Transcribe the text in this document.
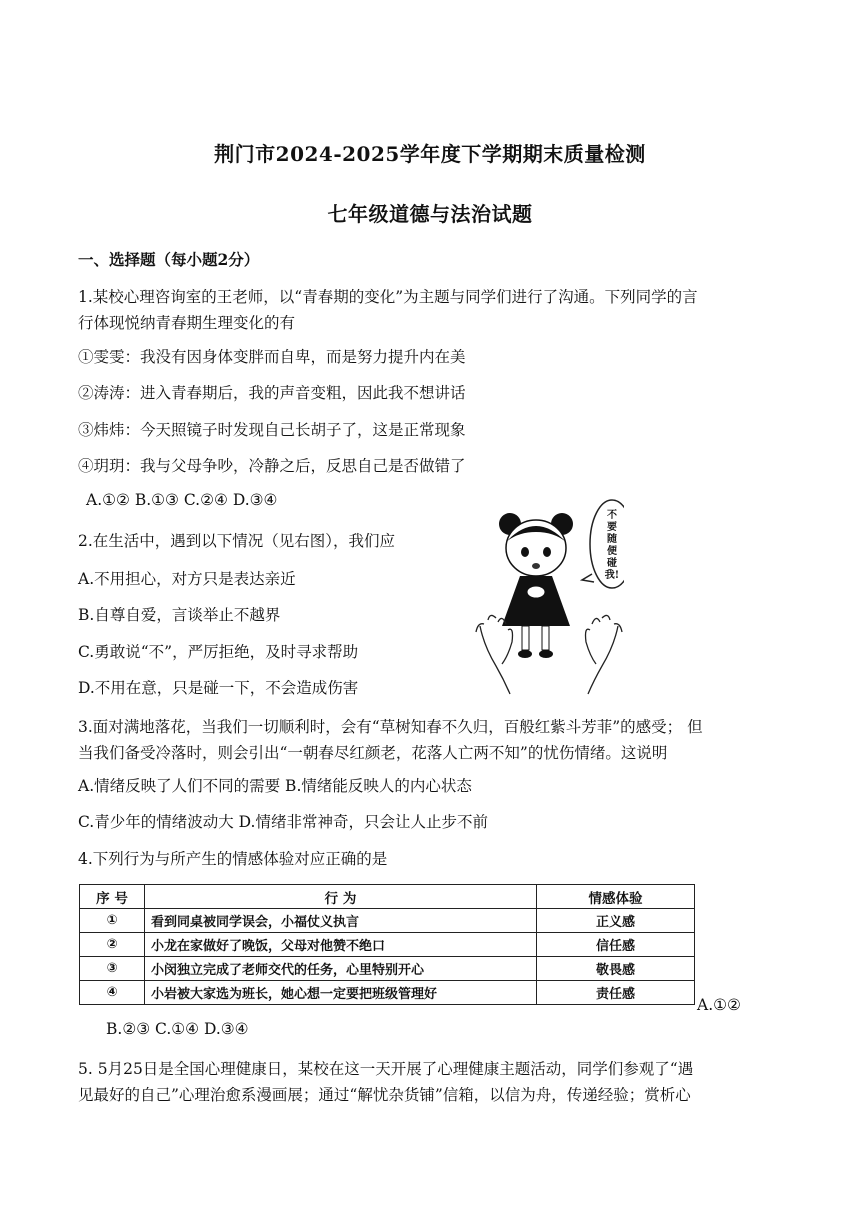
荆门市2024-2025学年度下学期期末质量检测
七年级道德与法治试题
一、选择题（每小题2分）
1.某校心理咨询室的王老师，以“青春期的变化”为主题与同学们进行了沟通。下列同学的言
行体现悦纳青春期生理变化的有
①雯雯：我没有因身体变胖而自卑，而是努力提升内在美
②涛涛：进入青春期后，我的声音变粗，因此我不想讲话
③炜炜：今天照镜子时发现自己长胡子了，这是正常现象
④玥玥：我与父母争吵，冷静之后，反思自己是否做错了
A.①② B.①③ C.②④ D.③④
2.在生活中，遇到以下情况（见右图），我们应
A.不用担心，对方只是表达亲近
B.自尊自爱，言谈举止不越界
C.勇敢说“不”，严厉拒绝，及时寻求帮助
D.不用在意，只是碰一下，不会造成伤害
不要随便碰我!
3.面对满地落花，当我们一切顺利时，会有“草树知春不久归，百般红紫斗芳菲”的感受； 但
当我们备受冷落时，则会引出“一朝春尽红颜老，花落人亡两不知”的忧伤情绪。这说明
A.情绪反映了人们不同的需要 B.情绪能反映人的内心状态
C.青少年的情绪波动大 D.情绪非常神奇，只会让人止步不前
4.下列行为与所产生的情感体验对应正确的是
序 号	行 为	情感体验
①	看到同桌被同学误会，小福仗义执言	正义感
②	小龙在家做好了晚饭，父母对他赞不绝口	信任感
③	小闵独立完成了老师交代的任务，心里特别开心	敬畏感
④	小岩被大家选为班长，她心想一定要把班级管理好	责任感
A.①②
B.②③ C.①④ D.③④
5. 5月25日是全国心理健康日，某校在这一天开展了心理健康主题活动，同学们参观了“遇
见最好的自己”心理治愈系漫画展；通过“解忧杂货铺”信箱，以信为舟，传递经验；赏析心
